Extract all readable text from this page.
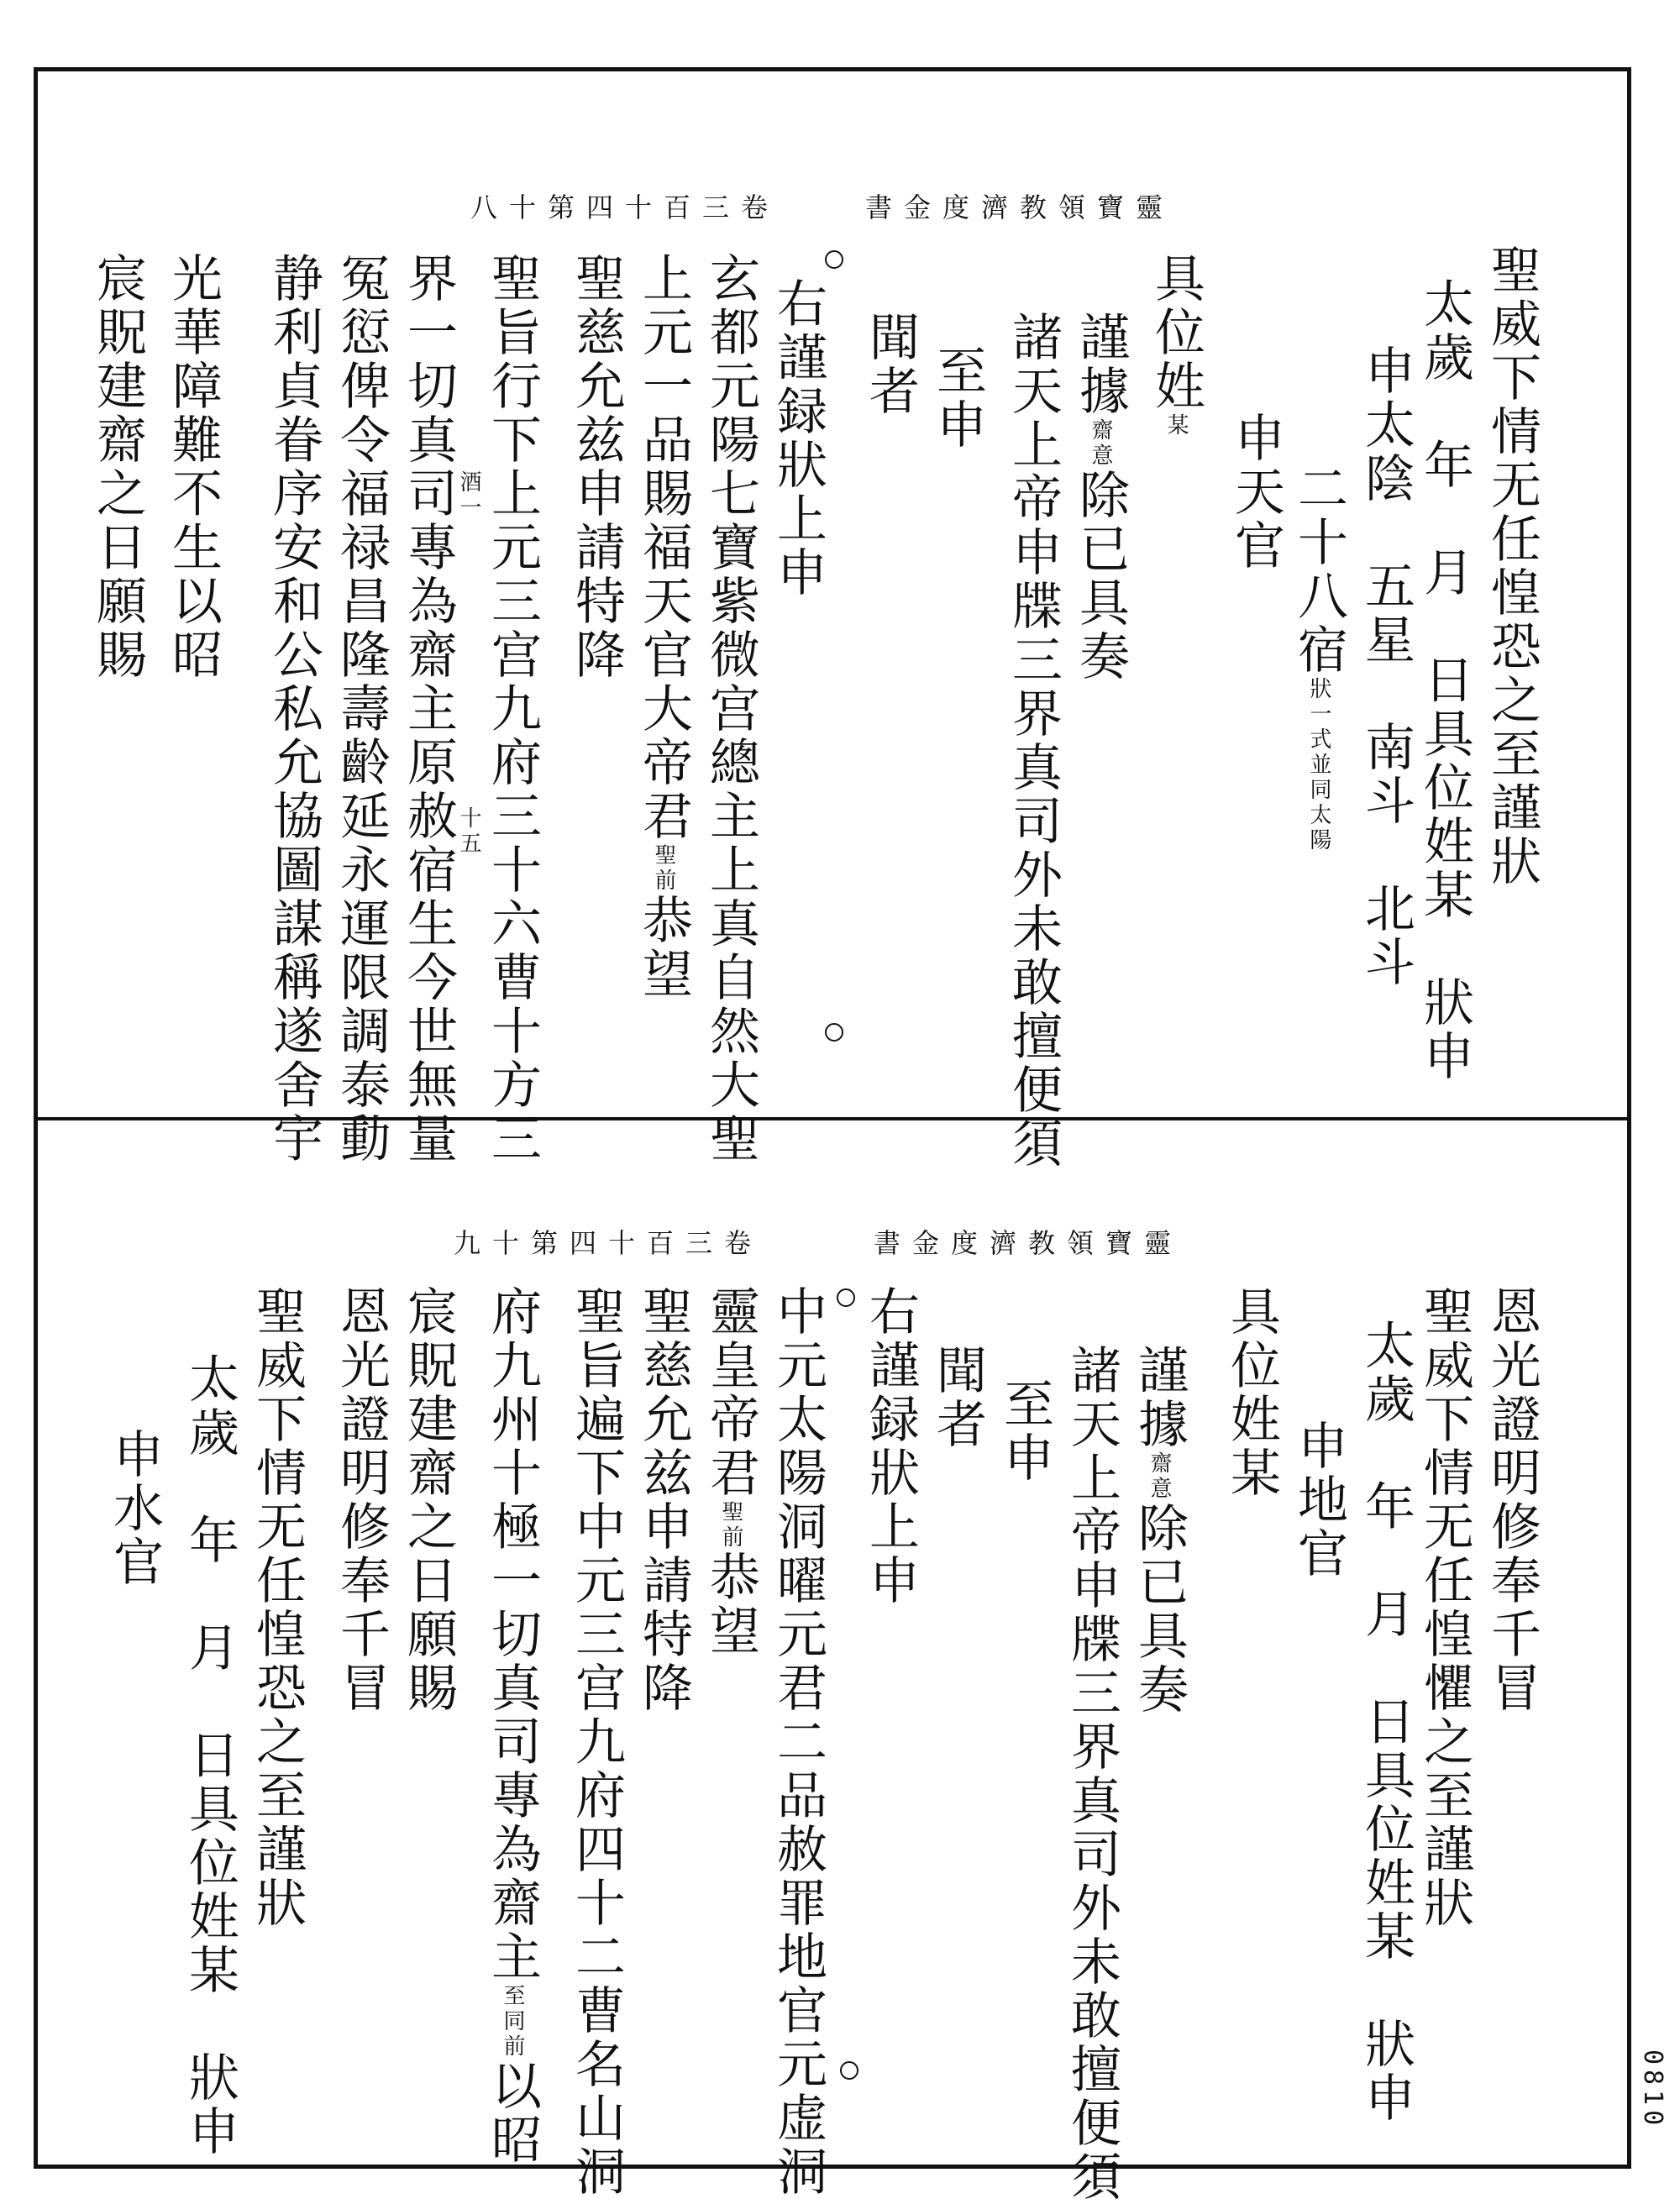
八十第四十百三卷	書金度濟教領寶靈
聖威下情无任惶恐之至謹狀
太歲　年　月　日具位姓某　狀申
申太陰　五星　南斗　北斗
二十八宿狀一式並同太陽
申天官
具位姓某
謹據齋意除已具奏
諸天上帝申牒三界真司外未敢擅便須
至申
聞者
右謹録狀上申
玄都元陽七寶紫微宫總主上真自然大聖
上元一品賜福天官大帝君聖前恭望
聖慈允兹申請特降
聖旨行下上元三宫九府三十六曹十方三
酒一
十五
界一切真司專為齋主原赦宿生今世無量
冤愆俾令福禄昌隆壽齡延永運限調泰動
静利貞眷序安和公私允協圖謀稱遂舍宇
光華障難不生以昭
宸貺建齋之日願賜
九十第四十百三卷	書金度濟教領寶靈
恩光證明修奉千冒
聖威下情无任惶懼之至謹狀
太歲　年　月　日具位姓某　狀申
申地官
具位姓某
謹據齋意除已具奏
諸天上帝申牒三界真司外未敢擅便須
至申
聞者
右謹録狀上申
中元太陽洞曜元君二品赦罪地官元虚洞
靈皇帝君聖前恭望
聖慈允兹申請特降
聖旨遍下中元三宫九府四十二曹名山洞
府九州十極一切真司專為齋主至同前以昭
宸貺建齋之日願賜
恩光證明修奉千冒
聖威下情无任惶恐之至謹狀
太歲　年　月　日具位姓某　狀申
申水官
0810
